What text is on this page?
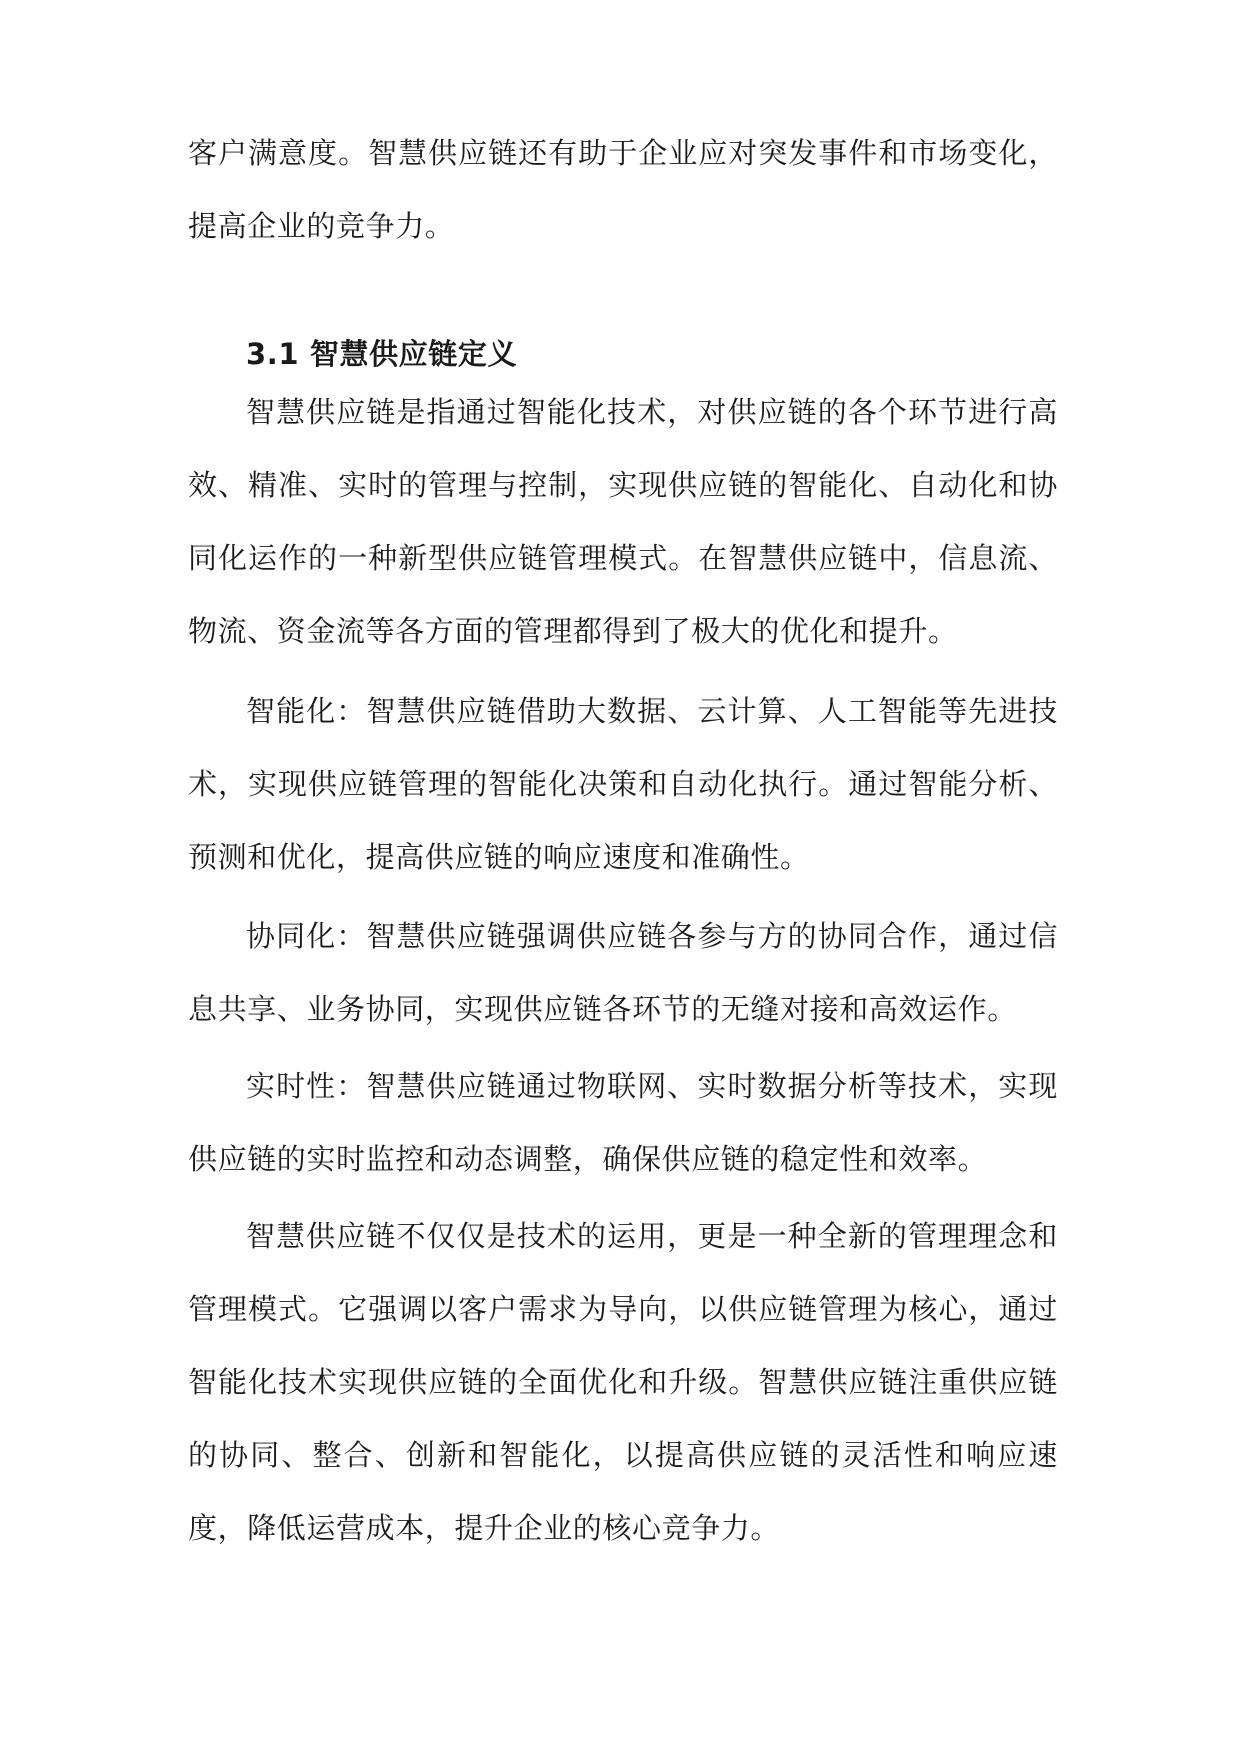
客户满意度。智慧供应链还有助于企业应对突发事件和市场变化，提高企业的竞争力。

3.1 智慧供应链定义

智慧供应链是指通过智能化技术，对供应链的各个环节进行高效、精准、实时的管理与控制，实现供应链的智能化、自动化和协同化运作的一种新型供应链管理模式。在智慧供应链中，信息流、物流、资金流等各方面的管理都得到了极大的优化和提升。

智能化：智慧供应链借助大数据、云计算、人工智能等先进技术，实现供应链管理的智能化决策和自动化执行。通过智能分析、预测和优化，提高供应链的响应速度和准确性。

协同化：智慧供应链强调供应链各参与方的协同合作，通过信息共享、业务协同，实现供应链各环节的无缝对接和高效运作。

实时性：智慧供应链通过物联网、实时数据分析等技术，实现供应链的实时监控和动态调整，确保供应链的稳定性和效率。

智慧供应链不仅仅是技术的运用，更是一种全新的管理理念和管理模式。它强调以客户需求为导向，以供应链管理为核心，通过智能化技术实现供应链的全面优化和升级。智慧供应链注重供应链的协同、整合、创新和智能化，以提高供应链的灵活性和响应速度，降低运营成本，提升企业的核心竞争力。
